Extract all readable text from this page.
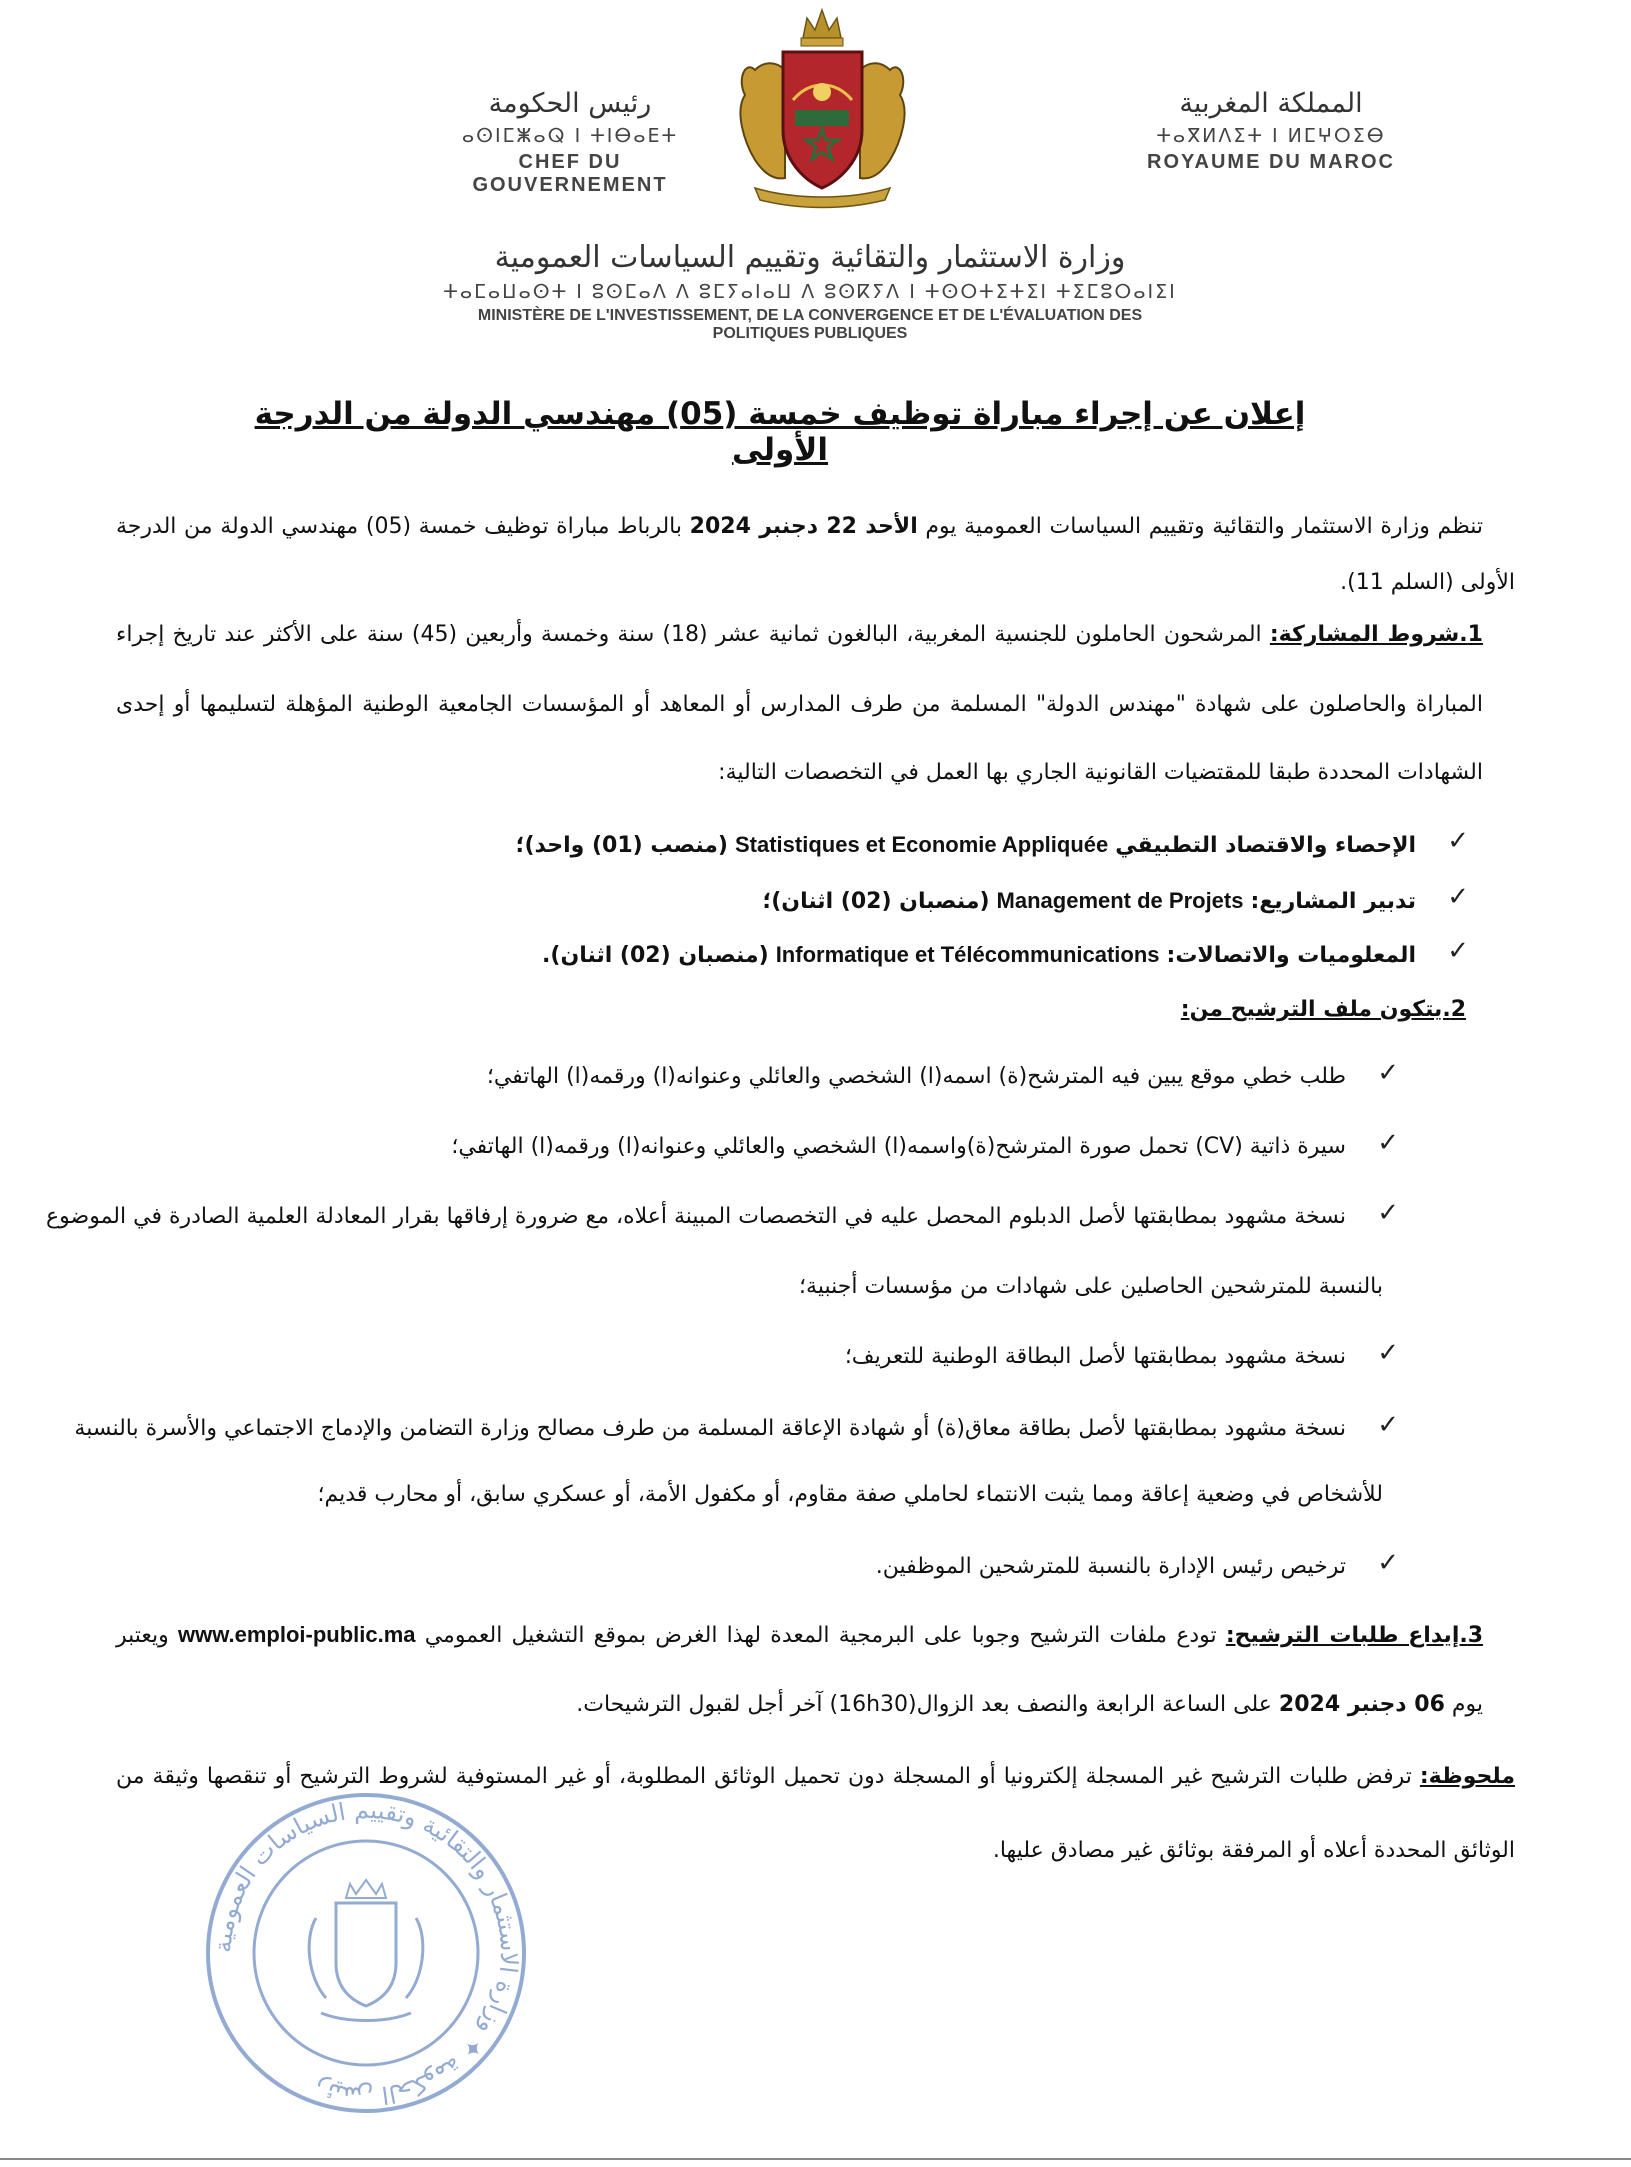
المملكة المغربية
ⵜⴰⴳⵍⴷⵉⵜ ⵏ ⵍⵎⵖⵔⵉⴱ
ROYAUME DU MAROC
رئيس الحكومة
ⴰⵙⵏⵎⵥⴰⵕ ⵏ ⵜⵏⴱⴰⴹⵜ
CHEF DU GOUVERNEMENT
وزارة الاستثمار والتقائية وتقييم السياسات العمومية
ⵜⴰⵎⴰⵡⴰⵙⵜ ⵏ ⵓⵙⵎⴰⴷ ⴷ ⵓⵎⵢⴰⵏⴰⵡ ⴷ ⵓⵙⴽⵢⴷ ⵏ ⵜⵙⵔⵜⵉⵜⵉⵏ ⵜⵉⵎⵓⵔⴰⵏⵉⵏ
MINISTÈRE DE L'INVESTISSEMENT, DE LA CONVERGENCE ET DE L'ÉVALUATION DES POLITIQUES PUBLIQUES
إعلان عن إجراء مباراة توظيف خمسة (05) مهندسي الدولة من الدرجة الأولى
تنظم وزارة الاستثمار والتقائية وتقييم السياسات العمومية يوم الأحد 22 دجنبر 2024 بالرباط مباراة توظيف خمسة (05) مهندسي الدولة من الدرجة
الأولى (السلم 11).
1.شروط المشاركة: المرشحون الحاملون للجنسية المغربية، البالغون ثمانية عشر (18) سنة وخمسة وأربعين (45) سنة على الأكثر عند تاريخ إجراء
المباراة والحاصلون على شهادة "مهندس الدولة" المسلمة من طرف المدارس أو المعاهد أو المؤسسات الجامعية الوطنية المؤهلة لتسليمها أو إحدى
الشهادات المحددة طبقا للمقتضيات القانونية الجاري بها العمل في التخصصات التالية:
✓
الإحصاء والاقتصاد التطبيقي Statistiques et Economie Appliquée (منصب (01) واحد)؛
✓
تدبير المشاريع: Management de Projets (منصبان (02) اثنان)؛
✓
المعلوميات والاتصالات: Informatique et Télécommunications (منصبان (02) اثنان).
2.يتكون ملف الترشيح من:
✓
طلب خطي موقع يبين فيه المترشح(ة) اسمه(ا) الشخصي والعائلي وعنوانه(ا) ورقمه(ا) الهاتفي؛
✓
سيرة ذاتية (CV) تحمل صورة المترشح(ة)واسمه(ا) الشخصي والعائلي وعنوانه(ا) ورقمه(ا) الهاتفي؛
✓
نسخة مشهود بمطابقتها لأصل الدبلوم المحصل عليه في التخصصات المبينة أعلاه، مع ضرورة إرفاقها بقرار المعادلة العلمية الصادرة في الموضوع
بالنسبة للمترشحين الحاصلين على شهادات من مؤسسات أجنبية؛
✓
نسخة مشهود بمطابقتها لأصل البطاقة الوطنية للتعريف؛
✓
نسخة مشهود بمطابقتها لأصل بطاقة معاق(ة) أو شهادة الإعاقة المسلمة من طرف مصالح وزارة التضامن والإدماج الاجتماعي والأسرة بالنسبة
للأشخاص في وضعية إعاقة ومما يثبت الانتماء لحاملي صفة مقاوم، أو مكفول الأمة، أو عسكري سابق، أو محارب قديم؛
✓
ترخيص رئيس الإدارة بالنسبة للمترشحين الموظفين.
3.إيداع طلبات الترشيح: تودع ملفات الترشيح وجوبا على البرمجية المعدة لهذا الغرض بموقع التشغيل العمومي www.emploi-public.ma ويعتبر
يوم 06 دجنبر 2024 على الساعة الرابعة والنصف بعد الزوال(16h30) آخر أجل لقبول الترشيحات.
ملحوظة: ترفض طلبات الترشيح غير المسجلة إلكترونيا أو المسجلة دون تحميل الوثائق المطلوبة، أو غير المستوفية لشروط الترشيح أو تنقصها وثيقة من
الوثائق المحددة أعلاه أو المرفقة بوثائق غير مصادق عليها.
رئيس الحكومة ✦ وزارة الاستثمار والتقائية وتقييم السياسات العمومية
